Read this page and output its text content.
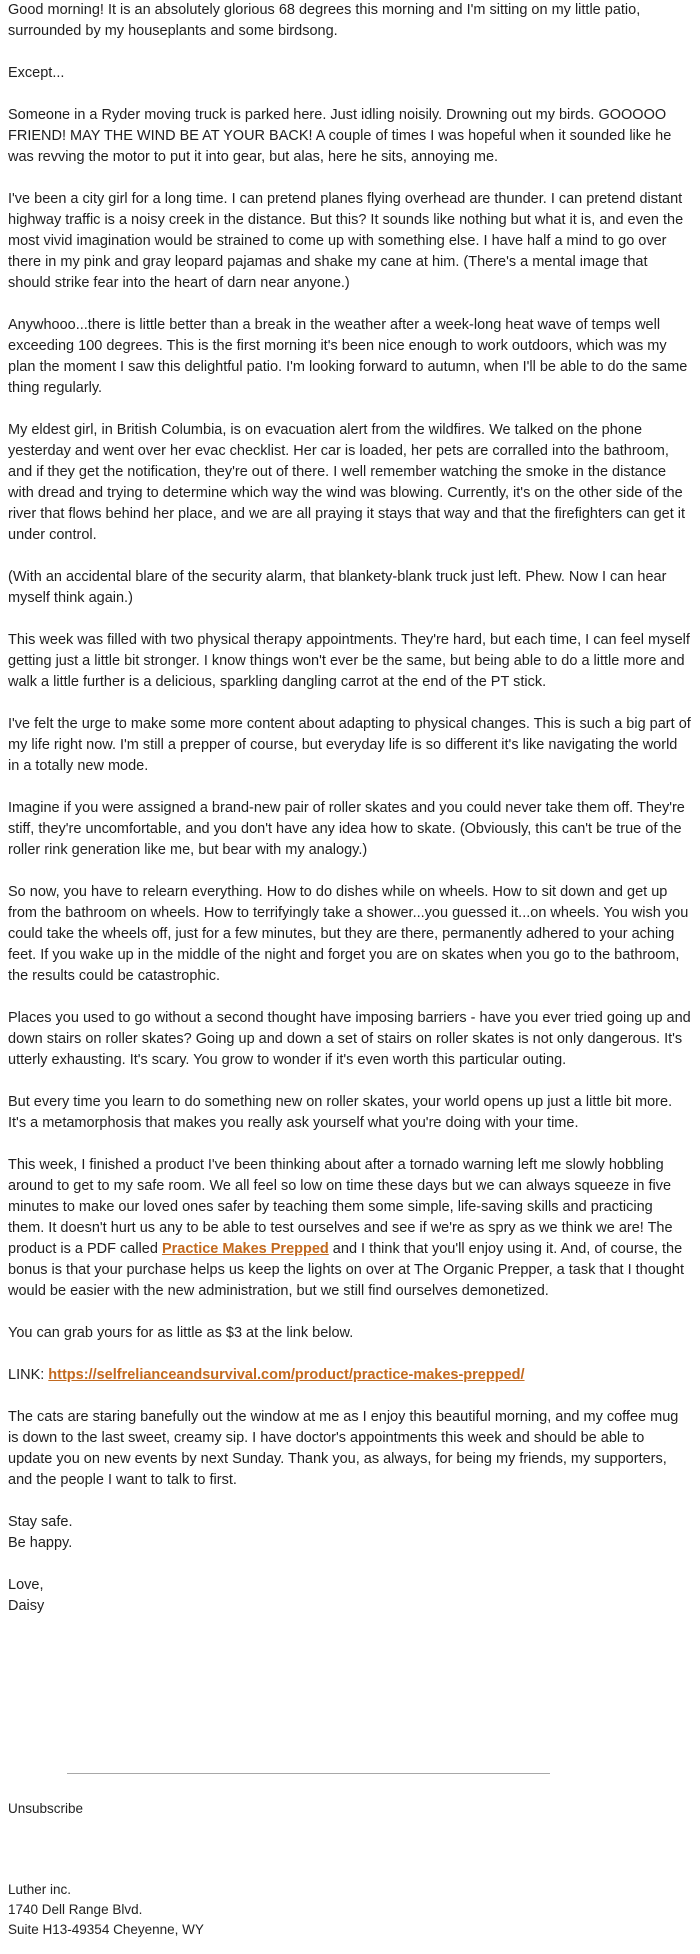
Good morning! It is an absolutely glorious 68 degrees this morning and I'm sitting on my little patio, surrounded by my houseplants and some birdsong.

Except...

Someone in a Ryder moving truck is parked here. Just idling noisily. Drowning out my birds. GOOOOO FRIEND! MAY THE WIND BE AT YOUR BACK! A couple of times I was hopeful when it sounded like he was revving the motor to put it into gear, but alas, here he sits, annoying me.

I've been a city girl for a long time. I can pretend planes flying overhead are thunder. I can pretend distant highway traffic is a noisy creek in the distance. But this? It sounds like nothing but what it is, and even the most vivid imagination would be strained to come up with something else. I have half a mind to go over there in my pink and gray leopard pajamas and shake my cane at him. (There's a mental image that should strike fear into the heart of darn near anyone.)

Anywhooo...there is little better than a break in the weather after a week-long heat wave of temps well exceeding 100 degrees. This is the first morning it's been nice enough to work outdoors, which was my plan the moment I saw this delightful patio. I'm looking forward to autumn, when I'll be able to do the same thing regularly.

My eldest girl, in British Columbia, is on evacuation alert from the wildfires. We talked on the phone yesterday and went over her evac checklist. Her car is loaded, her pets are corralled into the bathroom, and if they get the notification, they're out of there. I well remember watching the smoke in the distance with dread and trying to determine which way the wind was blowing. Currently, it's on the other side of the river that flows behind her place, and we are all praying it stays that way and that the firefighters can get it under control.

(With an accidental blare of the security alarm, that blankety-blank truck just left. Phew. Now I can hear myself think again.)

This week was filled with two physical therapy appointments. They're hard, but each time, I can feel myself getting just a little bit stronger. I know things won't ever be the same, but being able to do a little more and walk a little further is a delicious, sparkling dangling carrot at the end of the PT stick.

I've felt the urge to make some more content about adapting to physical changes. This is such a big part of my life right now. I'm still a prepper of course, but everyday life is so different it's like navigating the world in a totally new mode.

Imagine if you were assigned a brand-new pair of roller skates and you could never take them off. They're stiff, they're uncomfortable, and you don't have any idea how to skate. (Obviously, this can't be true of the roller rink generation like me, but bear with my analogy.)

So now, you have to relearn everything. How to do dishes while on wheels. How to sit down and get up from the bathroom on wheels. How to terrifyingly take a shower...you guessed it...on wheels. You wish you could take the wheels off, just for a few minutes, but they are there, permanently adhered to your aching feet. If you wake up in the middle of the night and forget you are on skates when you go to the bathroom, the results could be catastrophic.

Places you used to go without a second thought have imposing barriers - have you ever tried going up and down stairs on roller skates? Going up and down a set of stairs on roller skates is not only dangerous. It's utterly exhausting. It's scary. You grow to wonder if it's even worth this particular outing.

But every time you learn to do something new on roller skates, your world opens up just a little bit more. It's a metamorphosis that makes you really ask yourself what you're doing with your time.

This week, I finished a product I've been thinking about after a tornado warning left me slowly hobbling around to get to my safe room. We all feel so low on time these days but we can always squeeze in five minutes to make our loved ones safer by teaching them some simple, life-saving skills and practicing them. It doesn't hurt us any to be able to test ourselves and see if we're as spry as we think we are! The product is a PDF called Practice Makes Prepped and I think that you'll enjoy using it. And, of course, the bonus is that your purchase helps us keep the lights on over at The Organic Prepper, a task that I thought would be easier with the new administration, but we still find ourselves demonetized.

You can grab yours for as little as $3 at the link below.

LINK: https://selfrelianceandsurvival.com/product/practice-makes-prepped/

The cats are staring banefully out the window at me as I enjoy this beautiful morning, and my coffee mug is down to the last sweet, creamy sip. I have doctor's appointments this week and should be able to update you on new events by next Sunday. Thank you, as always, for being my friends, my supporters, and the people I want to talk to first.

Stay safe.
Be happy.

Love,
Daisy

Unsubscribe
Luther inc.
1740 Dell Range Blvd.
Suite H13-49354 Cheyenne, WY
